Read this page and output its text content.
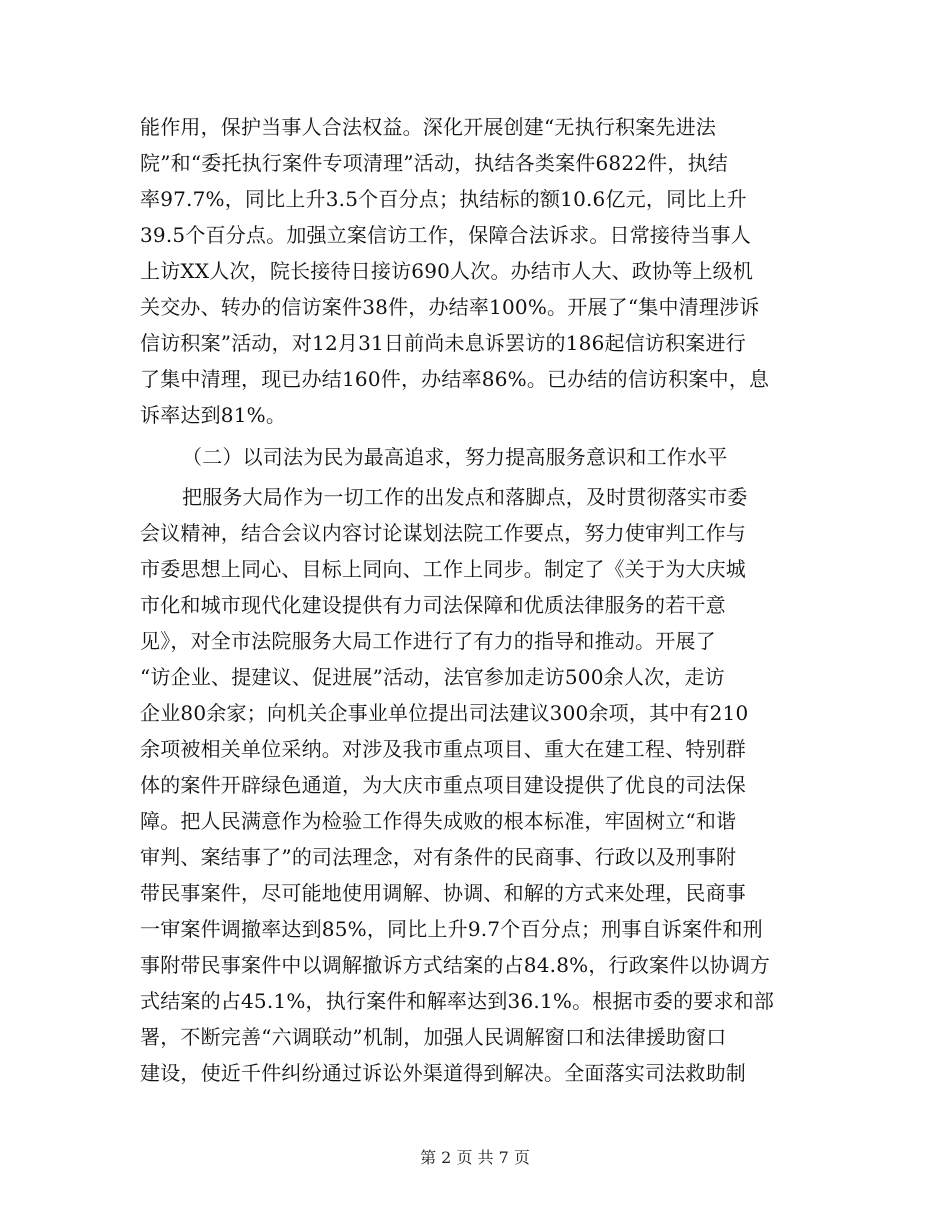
能作用，保护当事人合法权益。深化开展创建“无执行积案先进法
院”和“委托执行案件专项清理”活动，执结各类案件6822件，执结
率97.7%，同比上升3.5个百分点；执结标的额10.6亿元，同比上升
39.5个百分点。加强立案信访工作，保障合法诉求。日常接待当事人
上访XX人次，院长接待日接访690人次。办结市人大、政协等上级机
关交办、转办的信访案件38件，办结率100%。开展了“集中清理涉诉
信访积案”活动，对12月31日前尚未息诉罢访的186起信访积案进行
了集中清理，现已办结160件，办结率86%。已办结的信访积案中，息
诉率达到81%。
（二）以司法为民为最高追求，努力提高服务意识和工作水平
把服务大局作为一切工作的出发点和落脚点，及时贯彻落实市委
会议精神，结合会议内容讨论谋划法院工作要点，努力使审判工作与
市委思想上同心、目标上同向、工作上同步。制定了《关于为大庆城
市化和城市现代化建设提供有力司法保障和优质法律服务的若干意
见》，对全市法院服务大局工作进行了有力的指导和推动。开展了
“访企业、提建议、促进展”活动，法官参加走访500余人次，走访
企业80余家；向机关企事业单位提出司法建议300余项，其中有210
余项被相关单位采纳。对涉及我市重点项目、重大在建工程、特别群
体的案件开辟绿色通道，为大庆市重点项目建设提供了优良的司法保
障。把人民满意作为检验工作得失成败的根本标准，牢固树立“和谐
审判、案结事了”的司法理念，对有条件的民商事、行政以及刑事附
带民事案件，尽可能地使用调解、协调、和解的方式来处理，民商事
一审案件调撤率达到85%，同比上升9.7个百分点；刑事自诉案件和刑
事附带民事案件中以调解撤诉方式结案的占84.8%，行政案件以协调方
式结案的占45.1%，执行案件和解率达到36.1%。根据市委的要求和部
署，不断完善“六调联动”机制，加强人民调解窗口和法律援助窗口
建设，使近千件纠纷通过诉讼外渠道得到解决。全面落实司法救助制
第 2 页 共 7 页
